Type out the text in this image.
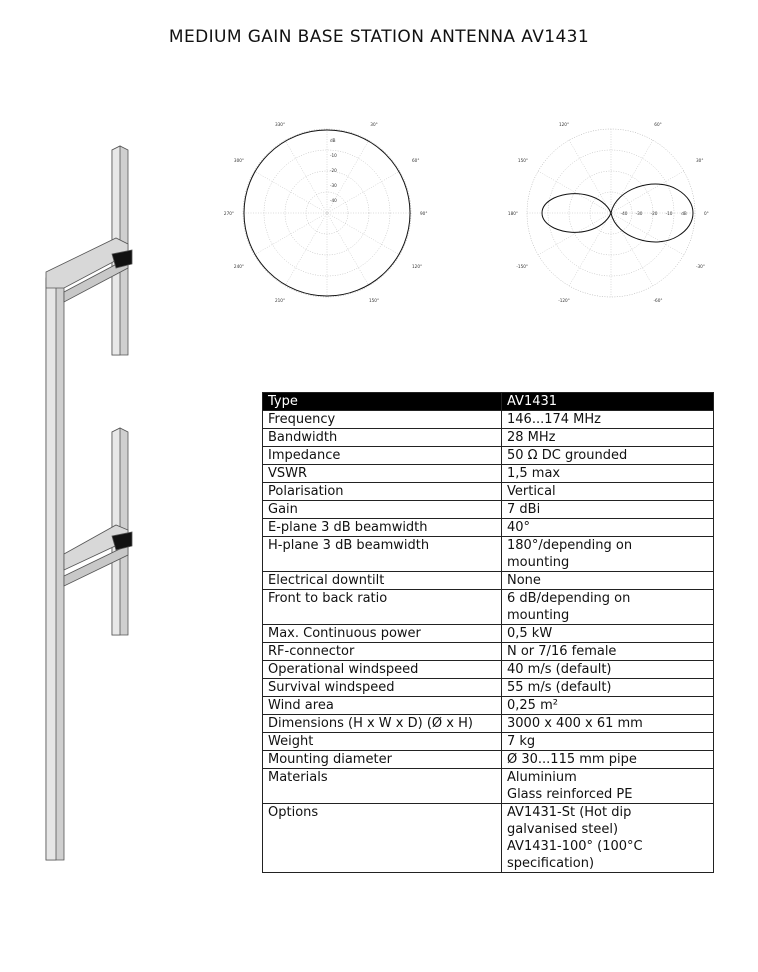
MEDIUM GAIN BASE STATION ANTENNA AV1431
330°	30°
300°	60°
270°	90°
240°	120°
210°	150°
dB
-10
-20
-30
-40
120°	60°
150°	30°
180°	0°
-150°	-30°
-120°	-60°
-40 -30 -20 -10 dB
Type	AV1431
Frequency	146...174 MHz

Bandwidth	28 MHz

Impedance	50 Ω DC grounded

VSWR	1,5 max

Polarisation	Vertical

Gain	7 dBi

E-plane 3 dB beamwidth	40°

H-plane 3 dB beamwidth	180°/depending on
mounting

Electrical downtilt	None

Front to back ratio	6 dB/depending on
mounting

Max. Continuous power	0,5 kW

RF-connector	N or 7/16 female

Operational windspeed	40 m/s (default)

Survival windspeed	55 m/s (default)

Wind area	0,25 m²

Dimensions (H x W x D) (Ø x H)	3000 x 400 x 61 mm

Weight	7 kg

Mounting diameter	Ø 30...115 mm pipe

Materials	Aluminium
Glass reinforced PE

Options	AV1431-St (Hot dip
galvanised steel)
AV1431-100° (100°C
specification)
